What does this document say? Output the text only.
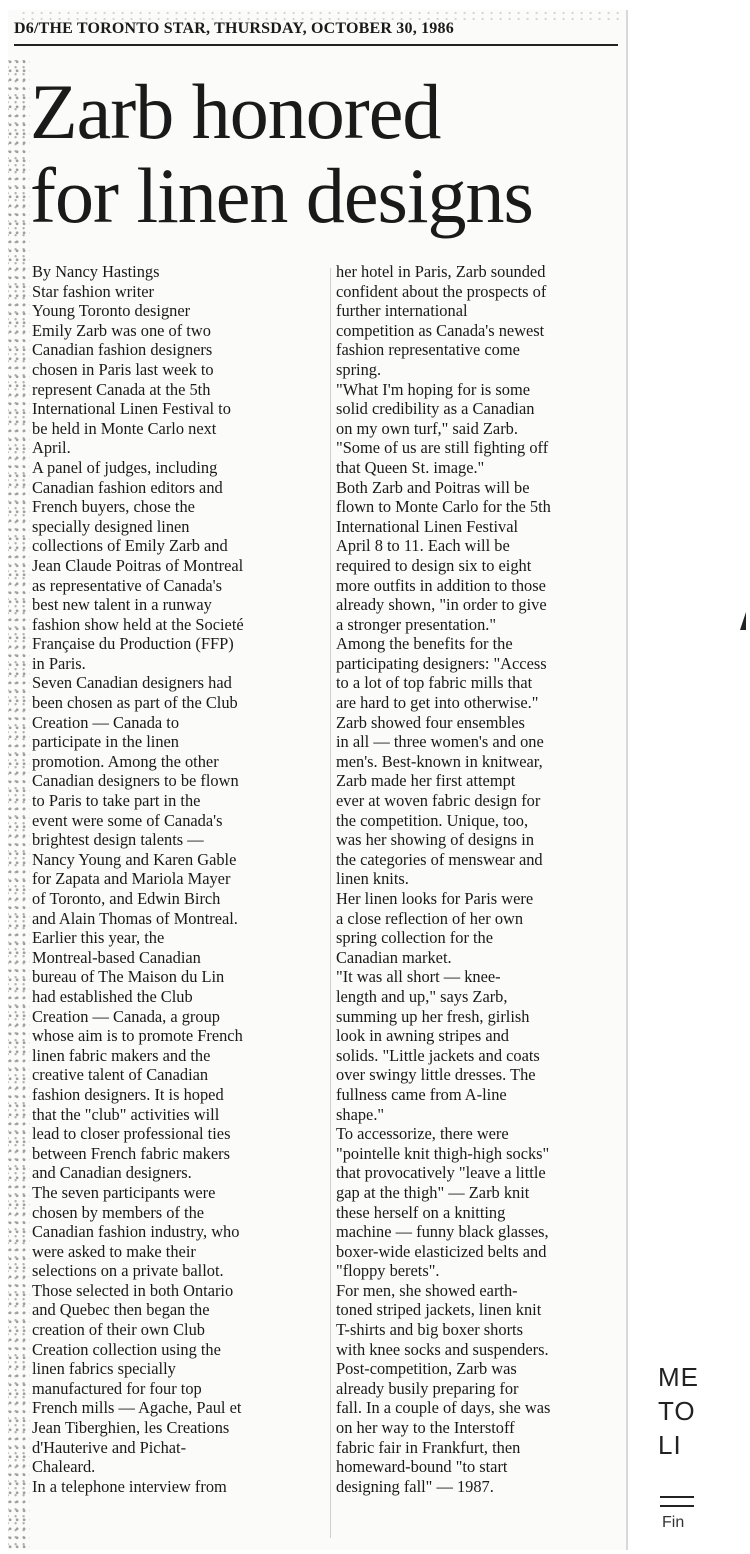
D6/THE TORONTO STAR, THURSDAY, OCTOBER 30, 1986
Zarb honored
for linen designs
By Nancy Hastings
Star fashion writer
Young Toronto designer
Emily Zarb was one of two
Canadian fashion designers
chosen in Paris last week to
represent Canada at the 5th
International Linen Festival to
be held in Monte Carlo next
April.
A panel of judges, including
Canadian fashion editors and
French buyers, chose the
specially designed linen
collections of Emily Zarb and
Jean Claude Poitras of Montreal
as representative of Canada's
best new talent in a runway
fashion show held at the Societé
Française du Production (FFP)
in Paris.
Seven Canadian designers had
been chosen as part of the Club
Creation — Canada to
participate in the linen
promotion. Among the other
Canadian designers to be flown
to Paris to take part in the
event were some of Canada's
brightest design talents —
Nancy Young and Karen Gable
for Zapata and Mariola Mayer
of Toronto, and Edwin Birch
and Alain Thomas of Montreal.
Earlier this year, the
Montreal-based Canadian
bureau of The Maison du Lin
had established the Club
Creation — Canada, a group
whose aim is to promote French
linen fabric makers and the
creative talent of Canadian
fashion designers. It is hoped
that the "club" activities will
lead to closer professional ties
between French fabric makers
and Canadian designers.
The seven participants were
chosen by members of the
Canadian fashion industry, who
were asked to make their
selections on a private ballot.
Those selected in both Ontario
and Quebec then began the
creation of their own Club
Creation collection using the
linen fabrics specially
manufactured for four top
French mills — Agache, Paul et
Jean Tiberghien, les Creations
d'Hauterive and Pichat-
Chaleard.
In a telephone interview from
her hotel in Paris, Zarb sounded
confident about the prospects of
further international
competition as Canada's newest
fashion representative come
spring.
"What I'm hoping for is some
solid credibility as a Canadian
on my own turf," said Zarb.
"Some of us are still fighting off
that Queen St. image."
Both Zarb and Poitras will be
flown to Monte Carlo for the 5th
International Linen Festival
April 8 to 11. Each will be
required to design six to eight
more outfits in addition to those
already shown, "in order to give
a stronger presentation."
Among the benefits for the
participating designers: "Access
to a lot of top fabric mills that
are hard to get into otherwise."
Zarb showed four ensembles
in all — three women's and one
men's. Best-known in knitwear,
Zarb made her first attempt
ever at woven fabric design for
the competition. Unique, too,
was her showing of designs in
the categories of menswear and
linen knits.
Her linen looks for Paris were
a close reflection of her own
spring collection for the
Canadian market.
"It was all short — knee-
length and up," says Zarb,
summing up her fresh, girlish
look in awning stripes and
solids. "Little jackets and coats
over swingy little dresses. The
fullness came from A-line
shape."
To accessorize, there were
"pointelle knit thigh-high socks"
that provocatively "leave a little
gap at the thigh" — Zarb knit
these herself on a knitting
machine — funny black glasses,
boxer-wide elasticized belts and
"floppy berets".
For men, she showed earth-
toned striped jackets, linen knit
T-shirts and big boxer shorts
with knee socks and suspenders.
Post-competition, Zarb was
already busily preparing for
fall. In a couple of days, she was
on her way to the Interstoff
fabric fair in Frankfurt, then
homeward-bound "to start
designing fall" — 1987.
ME
TO
LI
Fin
